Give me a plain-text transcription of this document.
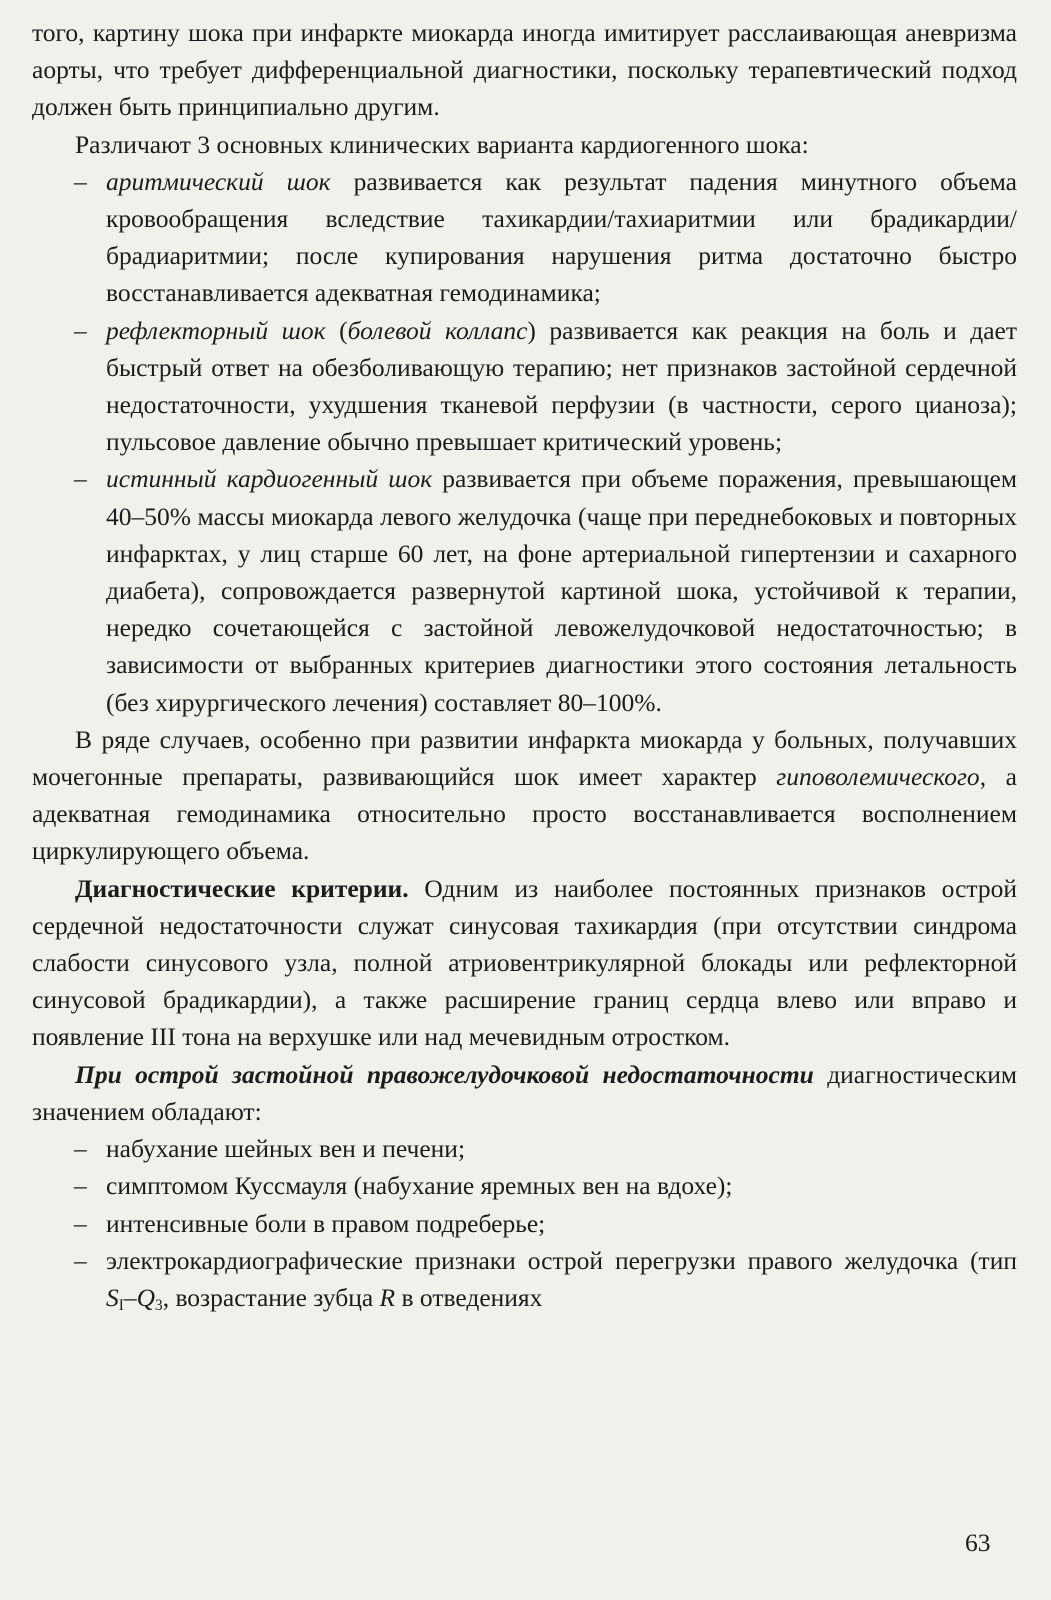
того, картину шока при инфаркте миокарда иногда имитирует расслаивающая аневризма аорты, что требует дифференциальной диагностики, поскольку терапевтический подход должен быть принципиально другим.

Различают 3 основных клинических варианта кардиогенного шока:

– аритмический шок развивается как результат падения минутного объема кровообращения вследствие тахикардии/тахиаритмии или брадикардии/брадиаритмии; после купирования нарушения ритма достаточно быстро восстанавливается адекватная гемодинамика;
– рефлекторный шок (болевой коллапс) развивается как реакция на боль и дает быстрый ответ на обезболивающую терапию; нет признаков застойной сердечной недостаточности, ухудшения тканевой перфузии (в частности, серого цианоза); пульсовое давление обычно превышает критический уровень;
– истинный кардиогенный шок развивается при объеме поражения, превышающем 40–50% массы миокарда левого желудочка (чаще при переднебоковых и повторных инфарктах, у лиц старше 60 лет, на фоне артериальной гипертензии и сахарного диабета), сопровождается развернутой картиной шока, устойчивой к терапии, нередко сочетающейся с застойной левожелудочковой недостаточностью; в зависимости от выбранных критериев диагностики этого состояния летальность (без хирургического лечения) составляет 80–100%.

В ряде случаев, особенно при развитии инфаркта миокарда у больных, получавших мочегонные препараты, развивающийся шок имеет характер гиповолемического, а адекватная гемодинамика относительно просто восстанавливается восполнением циркулирующего объема.

Диагностические критерии. Одним из наиболее постоянных признаков острой сердечной недостаточности служат синусовая тахикардия (при отсутствии синдрома слабости синусового узла, полной атриовентрикулярной блокады или рефлекторной синусовой брадикардии), а также расширение границ сердца влево или вправо и появление III тона на верхушке или над мечевидным отростком.

При острой застойной правожелудочковой недостаточности диагностическим значением обладают:

– набухание шейных вен и печени;
– симптомом Куссмауля (набухание яремных вен на вдохе);
– интенсивные боли в правом подреберье;
– электрокардиографические признаки острой перегрузки правого желудочка (тип $S_I-Q_3$, возрастание зубца R в отведениях
63
